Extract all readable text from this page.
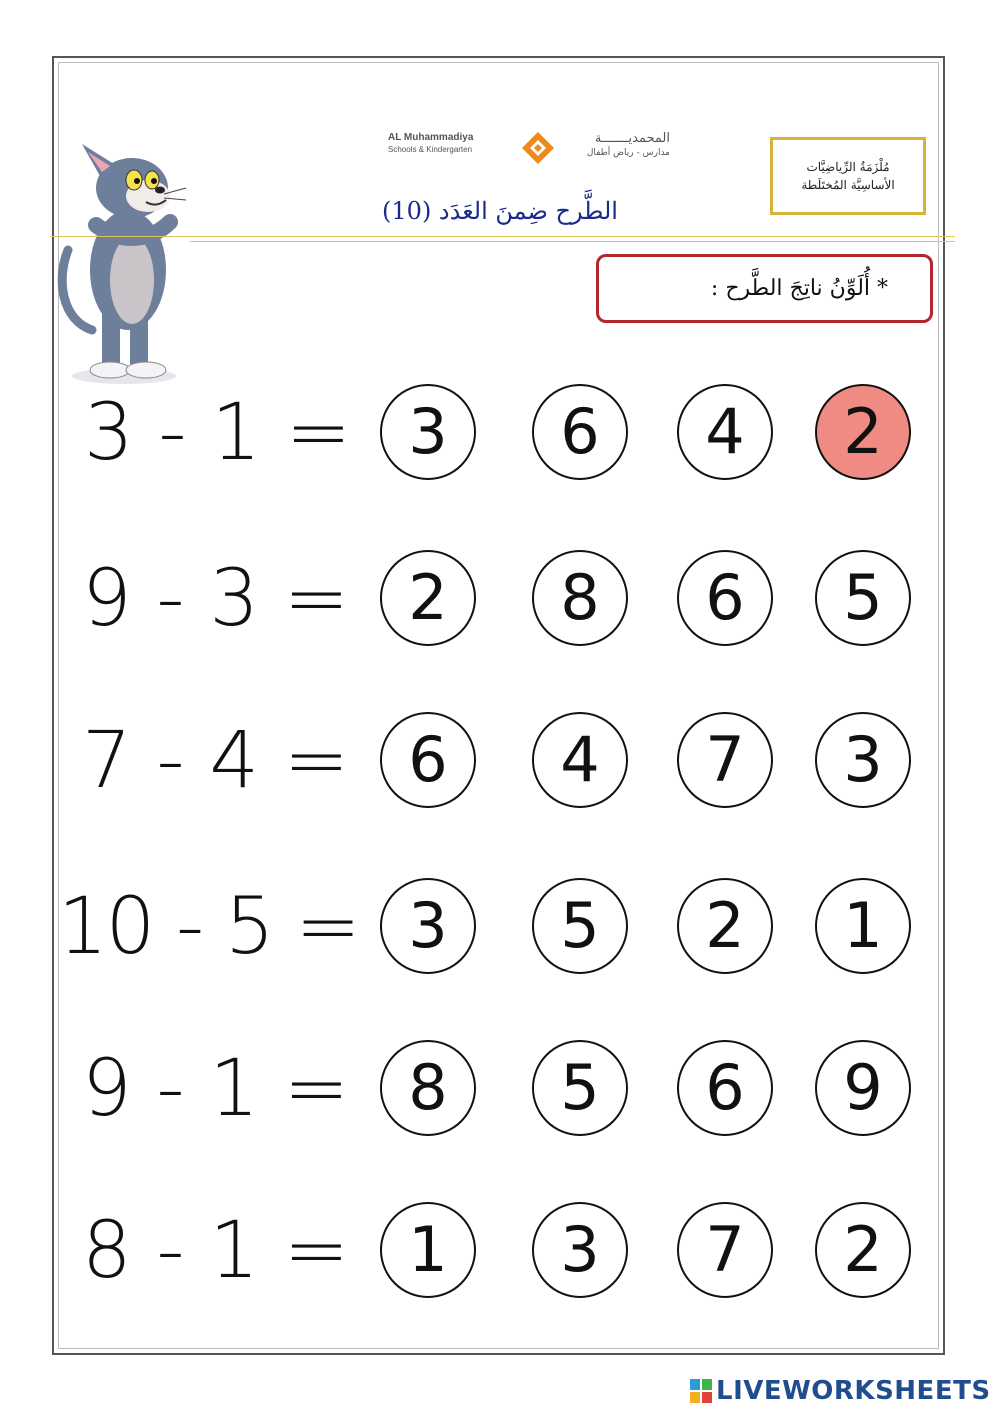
AL Muhammadiya
Schools & Kindergarten
المحمديـــــــة
مدارس - رياض أطفال
مُلْزَمَةُ الرِّياضِيَّات
الأساسِيَّة المُختَلَطة
الطَّرح ضِمنَ العَدَد (10)
* أُلَوِّنُ ناتِجَ الطَّرح :
3 - 1 = 3 6 4 2
9 - 3 = 2 8 6 5
7 - 4 = 6 4 7 3
10 - 5 = 3 5 2 1
9 - 1 = 8 5 6 9
8 - 1 = 1 3 7 2
LIVEWORKSHEETS
